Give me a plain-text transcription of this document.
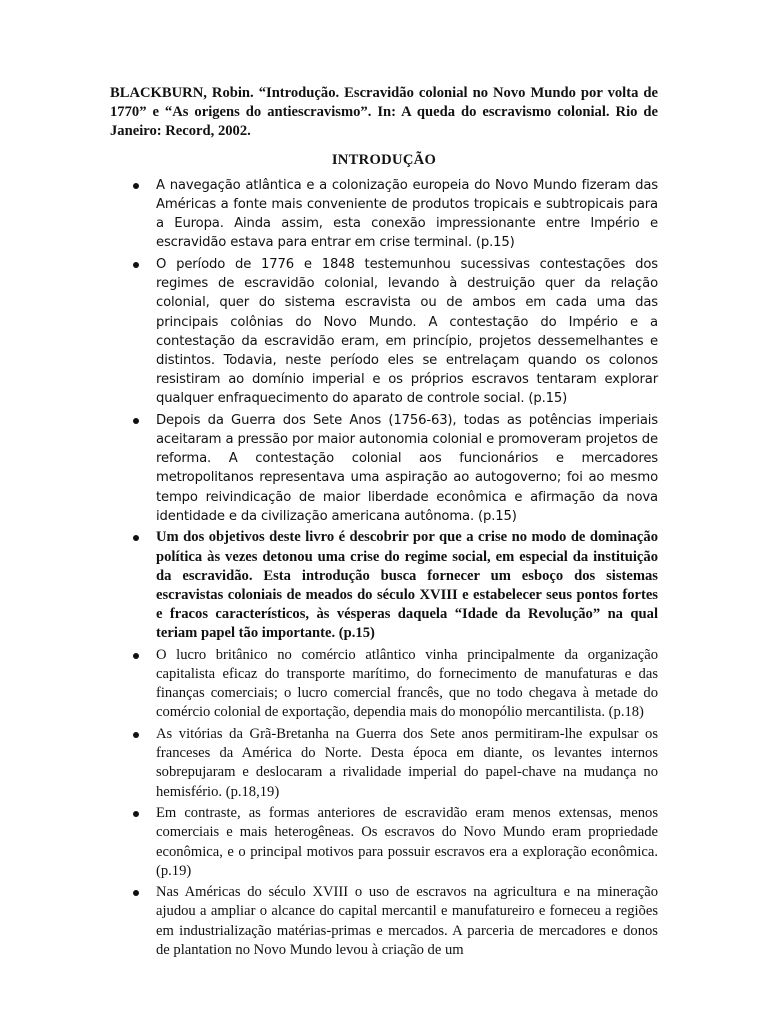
BLACKBURN, Robin. “Introdução. Escravidão colonial no Novo Mundo por volta de 1770” e “As origens do antiescravismo”. In: A queda do escravismo colonial. Rio de Janeiro: Record, 2002.

INTRODUÇÃO

A navegação atlântica e a colonização europeia do Novo Mundo fizeram das Américas a fonte mais conveniente de produtos tropicais e subtropicais para a Europa. Ainda assim, esta conexão impressionante entre Império e escravidão estava para entrar em crise terminal. (p.15)
O período de 1776 e 1848 testemunhou sucessivas contestações dos regimes de escravidão colonial, levando à destruição quer da relação colonial, quer do sistema escravista ou de ambos em cada uma das principais colônias do Novo Mundo. A contestação do Império e a contestação da escravidão eram, em princípio, projetos dessemelhantes e distintos. Todavia, neste período eles se entrelaçam quando os colonos resistiram ao domínio imperial e os próprios escravos tentaram explorar qualquer enfraquecimento do aparato de controle social. (p.15)
Depois da Guerra dos Sete Anos (1756-63), todas as potências imperiais aceitaram a pressão por maior autonomia colonial e promoveram projetos de reforma. A contestação colonial aos funcionários e mercadores metropolitanos representava uma aspiração ao autogoverno; foi ao mesmo tempo reivindicação de maior liberdade econômica e afirmação da nova identidade e da civilização americana autônoma. (p.15)
Um dos objetivos deste livro é descobrir por que a crise no modo de dominação política às vezes detonou uma crise do regime social, em especial da instituição da escravidão. Esta introdução busca fornecer um esboço dos sistemas escravistas coloniais de meados do século XVIII e estabelecer seus pontos fortes e fracos característicos, às vésperas daquela “Idade da Revolução” na qual teriam papel tão importante. (p.15)
O lucro britânico no comércio atlântico vinha principalmente da organização capitalista eficaz do transporte marítimo, do fornecimento de manufaturas e das finanças comerciais; o lucro comercial francês, que no todo chegava à metade do comércio colonial de exportação, dependia mais do monopólio mercantilista. (p.18)
As vitórias da Grã-Bretanha na Guerra dos Sete anos permitiram-lhe expulsar os franceses da América do Norte. Desta época em diante, os levantes internos sobrepujaram e deslocaram a rivalidade imperial do papel-chave na mudança no hemisfério. (p.18,19)
Em contraste, as formas anteriores de escravidão eram menos extensas, menos comerciais e mais heterogêneas. Os escravos do Novo Mundo eram propriedade econômica, e o principal motivos para possuir escravos era a exploração econômica. (p.19)
Nas Américas do século XVIII o uso de escravos na agricultura e na mineração ajudou a ampliar o alcance do capital mercantil e manufatureiro e forneceu a regiões em industrialização matérias-primas e mercados. A parceria de mercadores e donos de plantation no Novo Mundo levou à criação de um
